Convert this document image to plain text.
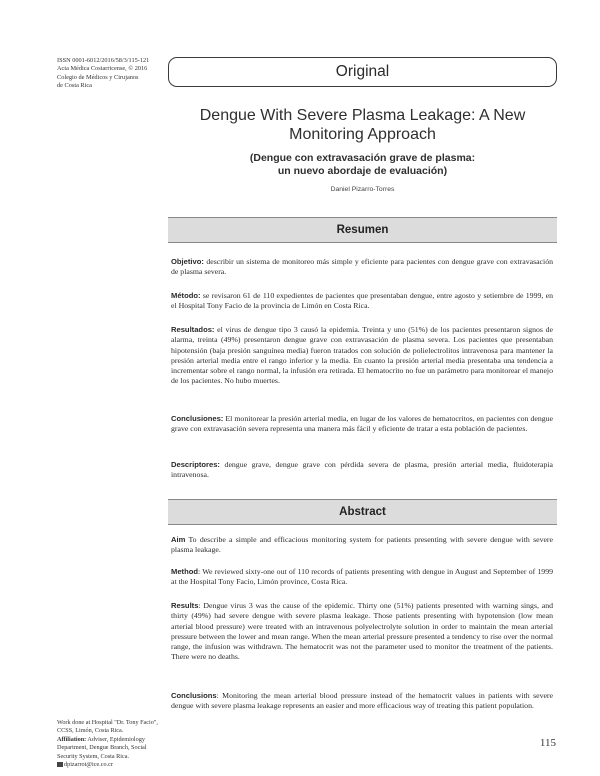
ISSN 0001-6012/2016/58/3/115-121
Acta Médica Costarricense, © 2016
Colegio de Médicos y Cirujanos
de Costa Rica
Original
Dengue With Severe Plasma Leakage: A New
Monitoring Approach
(Dengue con extravasación grave de plasma:
un nuevo abordaje de evaluación)
Daniel Pizarro-Torres
Resumen
Objetivo: describir un sistema de monitoreo más simple y eficiente para pacientes con dengue grave con extravasación de plasma severa.
Método: se revisaron 61 de 110 expedientes de pacientes que presentaban dengue, entre agosto y setiembre de 1999, en el Hospital Tony Facio de la provincia de Limón en Costa Rica.
Resultados: el virus de dengue tipo 3 causó la epidemia. Treinta y uno (51%) de los pacientes presentaron signos de alarma, treinta (49%) presentaron dengue grave con extravasación de plasma severa. Los pacientes que presentaban hipotensión (baja presión sanguínea media) fueron tratados con solución de polielectrolitos intravenosa para mantener la presión arterial media entre el rango inferior y la media. En cuanto la presión arterial media presentaba una tendencia a incrementar sobre el rango normal, la infusión era retirada. El hematocrito no fue un parámetro para monitorear el manejo de los pacientes. No hubo muertes.
Conclusiones: El monitorear la presión arterial media, en lugar de los valores de hematocritos, en pacientes con dengue grave con extravasación severa representa una manera más fácil y eficiente de tratar a esta población de pacientes.
Descriptores: dengue grave, dengue grave con pérdida severa de plasma, presión arterial media, fluidoterapia intravenosa.
Abstract
Aim To describe a simple and efficacious monitoring system for patients presenting with severe dengue with severe plasma leakage.
Method: We reviewed sixty-one out of 110 records of patients presenting with dengue in August and September of 1999 at the Hospital Tony Facio, Limón province, Costa Rica.
Results: Dengue virus 3 was the cause of the epidemic. Thirty one (51%) patients presented with warning sings, and thirty (49%) had severe dengue with severe plasma leakage. Those patients presenting with hypotension (low mean arterial blood pressure) were treated with an intravenous polyelectrolyte solution in order to maintain the mean arterial pressure between the lower and mean range. When the mean arterial pressure presented a tendency to rise over the normal range, the infusion was withdrawn. The hematocrit was not the parameter used to monitor the treatment of the patients. There were no deaths.
Conclusions: Monitoring the mean arterial blood pressure instead of the hematocrit values in patients with severe dengue with severe plasma leakage represents an easier and more efficacious way of treating this patient population.
Work done at Hospital "Dr. Tony Facio", CCSS, Limón, Costa Rica.
Affiliation: Adviser, Epidemiology Department, Dengue Branch, Social Security System, Costa Rica.
dpizarrot@ice.co.cr
115
